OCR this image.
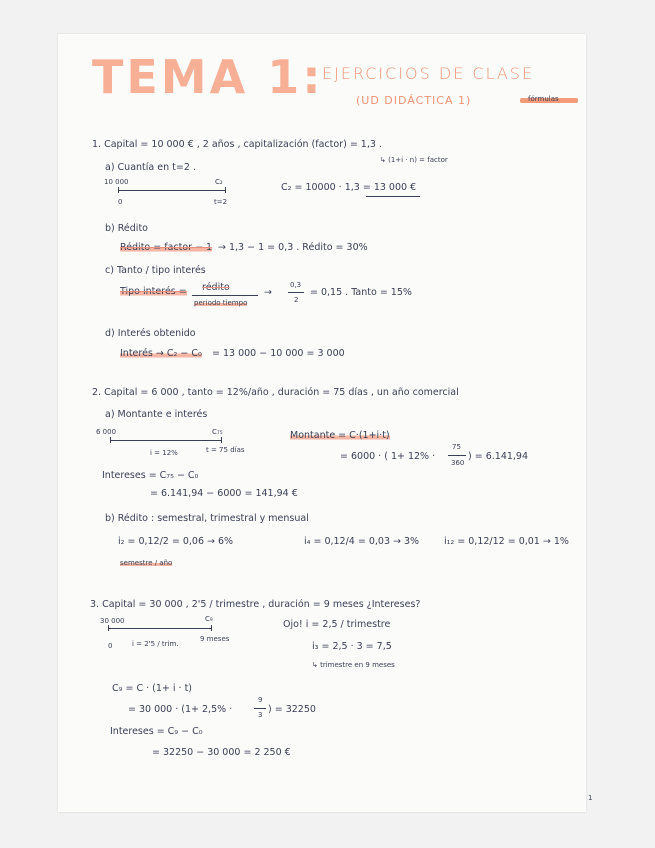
TEMA 1:
EJERCICIOS DE CLASE
(UD DIDÁCTICA 1)	fórmulas
1. Capital = 10 000 € , 2 años , capitalización (factor) = 1,3 .
↳ (1+i · n) = factor
a) Cuantía en t=2 .
10 000	C₂
0	t=2
C₂ = 10000 · 1,3 = 13 000 €
b) Rédito
Rédito = factor − 1 → 1,3 − 1 = 0,3 . Rédito = 30%
c) Tanto / tipo interés
Tipo interés = rédito
periodo tiempo
→
0,3
2
= 0,15 . Tanto = 15%
d) Interés obtenido
Interés → C₂ − C₀ = 13 000 − 10 000 = 3 000
2. Capital = 6 000 , tanto = 12%/año , duración = 75 días , un año comercial
a) Montante e interés
6 000	C₇₅
i = 12%	t = 75 días
Montante = C·(1+i·t)
= 6000 · ( 1+ 12% ·
75
360
) = 6.141,94
Intereses = C₇₅ − C₀
= 6.141,94 − 6000 = 141,94 €
b) Rédito : semestral, trimestral y mensual
i₂ = 0,12/2 = 0,06 → 6%
semestre / año
i₄ = 0,12/4 = 0,03 → 3%	i₁₂ = 0,12/12 = 0,01 → 1%
3. Capital = 30 000 , 2'5 / trimestre , duración = 9 meses ¿Intereses?
30 000	C₉
0	i = 2'5 / trim.
9 meses
Ojo! i = 2,5 / trimestre
i₃ = 2,5 · 3 = 7,5
↳ trimestre en 9 meses
C₉ = C · (1+ i · t)
= 30 000 · (1+ 2,5% ·
9
3 ) = 32250
Intereses = C₉ − C₀
= 32250 − 30 000 = 2 250 €
1
